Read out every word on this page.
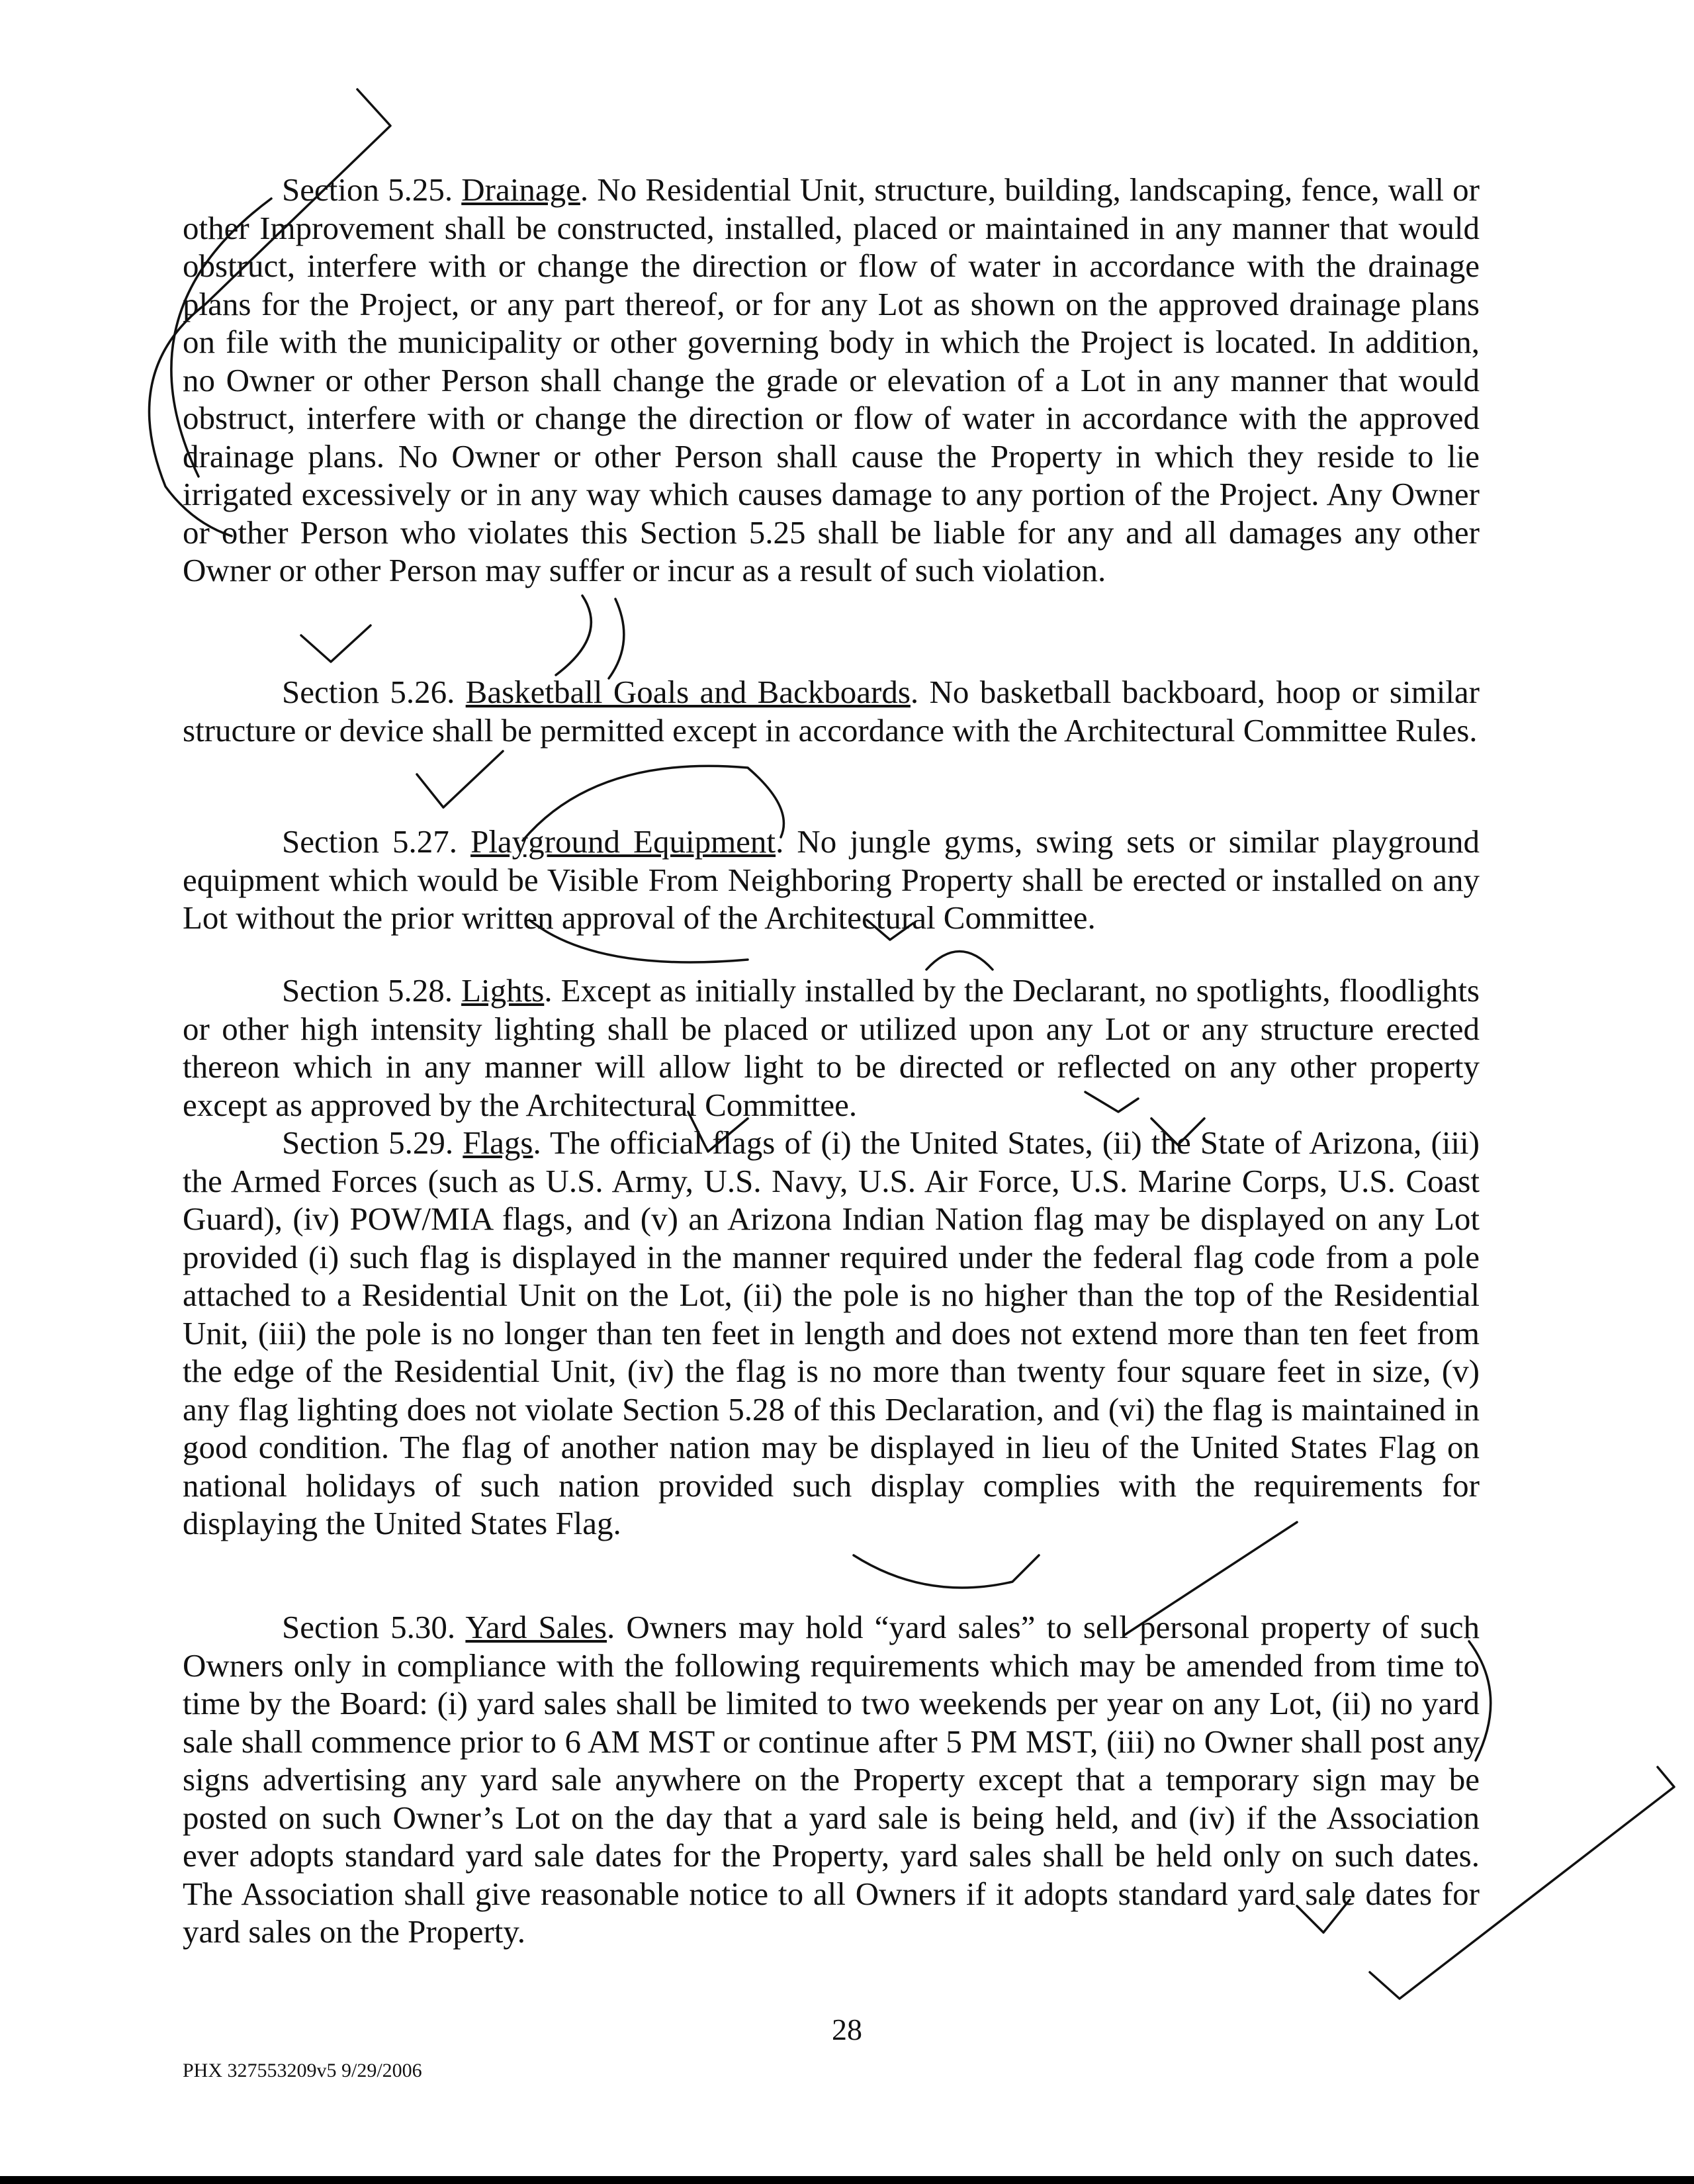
Section 5.25. Drainage. No Residential Unit, structure, building, landscaping, fence, wall or other Improvement shall be constructed, installed, placed or maintained in any manner that would obstruct, interfere with or change the direction or flow of water in accordance with the drainage plans for the Project, or any part thereof, or for any Lot as shown on the approved drainage plans on file with the municipality or other governing body in which the Project is located. In addition, no Owner or other Person shall change the grade or elevation of a Lot in any manner that would obstruct, interfere with or change the direction or flow of water in accordance with the approved drainage plans. No Owner or other Person shall cause the Property in which they reside to lie irrigated excessively or in any way which causes damage to any portion of the Project. Any Owner or other Person who violates this Section 5.25 shall be liable for any and all damages any other Owner or other Person may suffer or incur as a result of such violation.

Section 5.26. Basketball Goals and Backboards. No basketball backboard, hoop or similar structure or device shall be permitted except in accordance with the Architectural Committee Rules.

Section 5.27. Playground Equipment. No jungle gyms, swing sets or similar playground equipment which would be Visible From Neighboring Property shall be erected or installed on any Lot without the prior written approval of the Architectural Committee.

Section 5.28. Lights. Except as initially installed by the Declarant, no spotlights, floodlights or other high intensity lighting shall be placed or utilized upon any Lot or any structure erected thereon which in any manner will allow light to be directed or reflected on any other property except as approved by the Architectural Committee.

Section 5.29. Flags. The official flags of (i) the United States, (ii) the State of Arizona, (iii) the Armed Forces (such as U.S. Army, U.S. Navy, U.S. Air Force, U.S. Marine Corps, U.S. Coast Guard), (iv) POW/MIA flags, and (v) an Arizona Indian Nation flag may be displayed on any Lot provided (i) such flag is displayed in the manner required under the federal flag code from a pole attached to a Residential Unit on the Lot, (ii) the pole is no higher than the top of the Residential Unit, (iii) the pole is no longer than ten feet in length and does not extend more than ten feet from the edge of the Residential Unit, (iv) the flag is no more than twenty four square feet in size, (v) any flag lighting does not violate Section 5.28 of this Declaration, and (vi) the flag is maintained in good condition. The flag of another nation may be displayed in lieu of the United States Flag on national holidays of such nation provided such display complies with the requirements for displaying the United States Flag.

Section 5.30. Yard Sales. Owners may hold “yard sales” to sell personal property of such Owners only in compliance with the following requirements which may be amended from time to time by the Board: (i) yard sales shall be limited to two weekends per year on any Lot, (ii) no yard sale shall commence prior to 6 AM MST or continue after 5 PM MST, (iii) no Owner shall post any signs advertising any yard sale anywhere on the Property except that a temporary sign may be posted on such Owner’s Lot on the day that a yard sale is being held, and (iv) if the Association ever adopts standard yard sale dates for the Property, yard sales shall be held only on such dates. The Association shall give reasonable notice to all Owners if it adopts standard yard sale dates for yard sales on the Property.

28
PHX 327553209v5 9/29/2006
